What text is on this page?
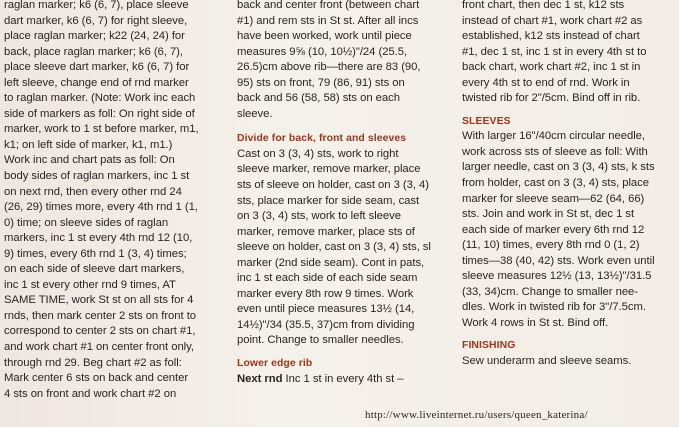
raglan marker; k6 (6, 7), place sleeve
dart marker, k6 (6, 7) for right sleeve,
place raglan marker; k22 (24, 24) for
back, place raglan marker; k6 (6, 7),
place sleeve dart marker, k6 (6, 7) for
left sleeve, change end of rnd marker
to raglan marker. (Note: Work inc each
side of markers as foll: On right side of
marker, work to 1 st before marker, m1,
k1; on left side of marker, k1, m1.)
Work inc and chart pats as foll: On
body sides of raglan markers, inc 1 st
on next rnd, then every other rnd 24
(26, 29) times more, every 4th rnd 1 (1,
0) time; on sleeve sides of raglan
markers, inc 1 st every 4th rnd 12 (10,
9) times, every 6th rnd 1 (3, 4) times;
on each side of sleeve dart markers,
inc 1 st every other rnd 9 times, AT
SAME TIME, work St st on all sts for 4
rnds, then mark center 2 sts on front to
correspond to center 2 sts on chart #1,
and work chart #1 on center front only,
through rnd 29. Beg chart #2 as foll:
Mark center 6 sts on back and center
4 sts on front and work chart #2 on
back and center front (between chart
#1) and rem sts in St st. After all incs
have been worked, work until piece
measures 9⅝ (10, 10½)"/24 (25.5,
26.5)cm above rib—there are 83 (90,
95) sts on front, 79 (86, 91) sts on
back and 56 (58, 58) sts on each
sleeve.
Divide for back, front and sleeves
Cast on 3 (3, 4) sts, work to right
sleeve marker, remove marker, place
sts of sleeve on holder, cast on 3 (3, 4)
sts, place marker for side seam, cast
on 3 (3, 4) sts, work to left sleeve
marker, remove marker, place sts of
sleeve on holder, cast on 3 (3, 4) sts, sl
marker (2nd side seam). Cont in pats,
inc 1 st each side of each side seam
marker every 8th row 9 times. Work
even until piece measures 13½ (14,
14½)"/34 (35.5, 37)cm from dividing
point. Change to smaller needles.
Lower edge rib
Next rnd Inc 1 st in every 4th st –
front chart, then dec 1 st, k12 sts
instead of chart #1, work chart #2 as
established, k12 sts instead of chart
#1, dec 1 st, inc 1 st in every 4th st to
back chart, work chart #2, inc 1 st in
every 4th st to end of rnd. Work in
twisted rib for 2"/5cm. Bind off in rib.
SLEEVES
With larger 16"/40cm circular needle,
work across sts of sleeve as foll: With
larger needle, cast on 3 (3, 4) sts, k sts
from holder, cast on 3 (3, 4) sts, place
marker for sleeve seam—62 (64, 66)
sts. Join and work in St st, dec 1 st
each side of marker every 6th rnd 12
(11, 10) times, every 8th rnd 0 (1, 2)
times—38 (40, 42) sts. Work even until
sleeve measures 12½ (13, 13½)"/31.5
(33, 34)cm. Change to smaller nee-
dles. Work in twisted rib for 3"/7.5cm.
Work 4 rows in St st. Bind off.
FINISHING
Sew underarm and sleeve seams.
http://www.liveinternet.ru/users/queen_katerina/
